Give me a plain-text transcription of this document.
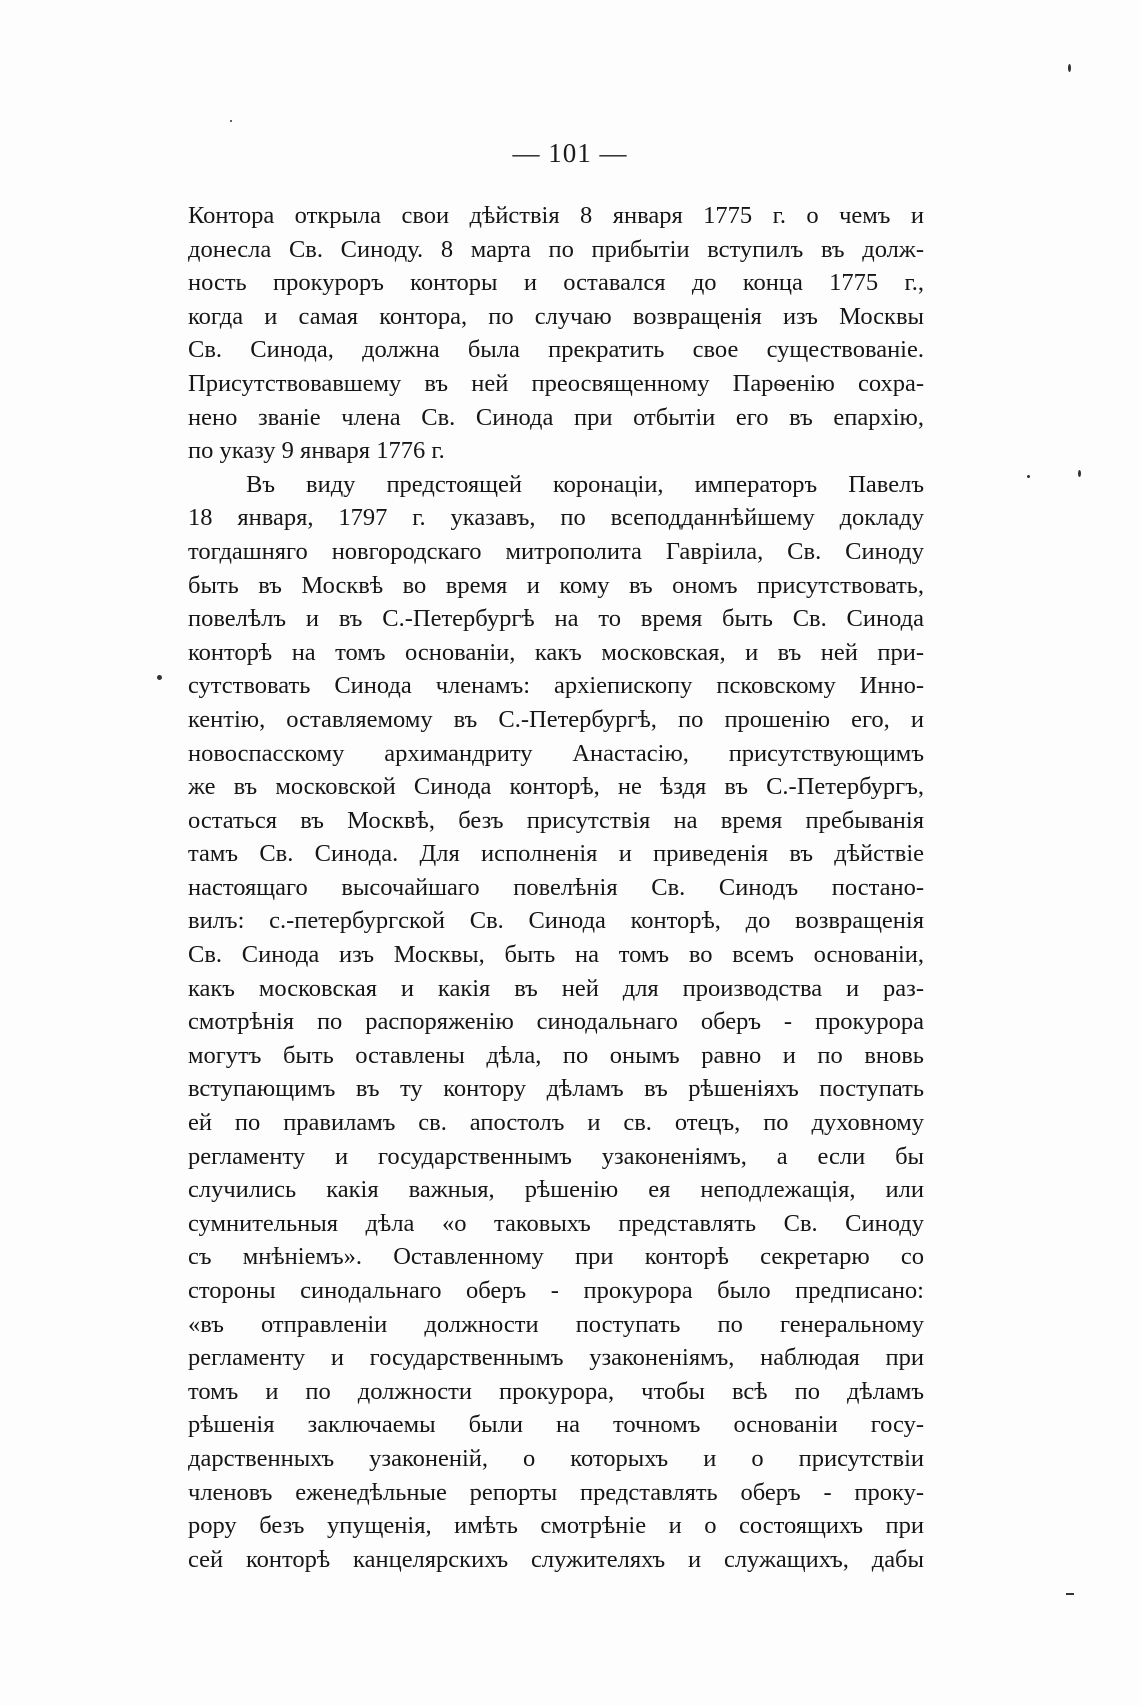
— 101 —
Контора открыла свои дѣйствія 8 января 1775 г. о чемъ и
донесла Св. Синоду. 8 марта по прибытіи вступилъ въ долж-
ность прокуроръ конторы и оставался до конца 1775 г.,
когда и самая контора, по случаю возвращенія изъ Москвы
Св. Синода, должна была прекратить свое существованіе.
Присутствовавшему въ ней преосвященному Парѳенію сохра-
нено званіе члена Св. Синода при отбытіи его въ епархію,
по указу 9 января 1776 г.
Въ виду предстоящей коронаціи, императоръ Павелъ
18 января, 1797 г. указавъ, по всеподданнѣйшему докладу
тогдашняго новгородскаго митрополита Гавріила, Св. Синоду
быть въ Москвѣ во время и кому въ ономъ присутствовать,
повелѣлъ и въ С.-Петербургѣ на то время быть Св. Синода
конторѣ на томъ основаніи, какъ московская, и въ ней при-
сутствовать Синода членамъ: архіепископу псковскому Инно-
кентію, оставляемому въ С.-Петербургѣ, по прошенію его, и
новоспасскому архимандриту Анастасію, присутствующимъ
же въ московской Синода конторѣ, не ѣздя въ С.-Петербургъ,
остаться въ Москвѣ, безъ присутствія на время пребыванія
тамъ Св. Синода. Для исполненія и приведенія въ дѣйствіе
настоящаго высочайшаго повелѣнія Св. Синодъ постано-
вилъ: с.-петербургской Св. Синода конторѣ, до возвращенія
Св. Синода изъ Москвы, быть на томъ во всемъ основаніи,
какъ московская и какія въ ней для производства и раз-
смотрѣнія по распоряженію синодальнаго оберъ - прокурора
могутъ быть оставлены дѣла, по онымъ равно и по вновь
вступающимъ въ ту контору дѣламъ въ рѣшеніяхъ поступать
ей по правиламъ св. апостолъ и св. отецъ, по духовному
регламенту и государственнымъ узаконеніямъ, а если бы
случились какія важныя, рѣшенію ея неподлежащія, или
сумнительныя дѣла «о таковыхъ представлять Св. Синоду
съ мнѣніемъ». Оставленному при конторѣ секретарю со
стороны синодальнаго оберъ - прокурора было предписано:
«въ отправленіи должности поступать по генеральному
регламенту и государственнымъ узаконеніямъ, наблюдая при
томъ и по должности прокурора, чтобы всѣ по дѣламъ
рѣшенія заключаемы были на точномъ основаніи госу-
дарственныхъ узаконеній, о которыхъ и о присутствіи
членовъ еженедѣльные репорты представлять оберъ - проку-
рору безъ упущенія, имѣть смотрѣніе и о состоящихъ при
сей конторѣ канцелярскихъ служителяхъ и служащихъ, дабы
